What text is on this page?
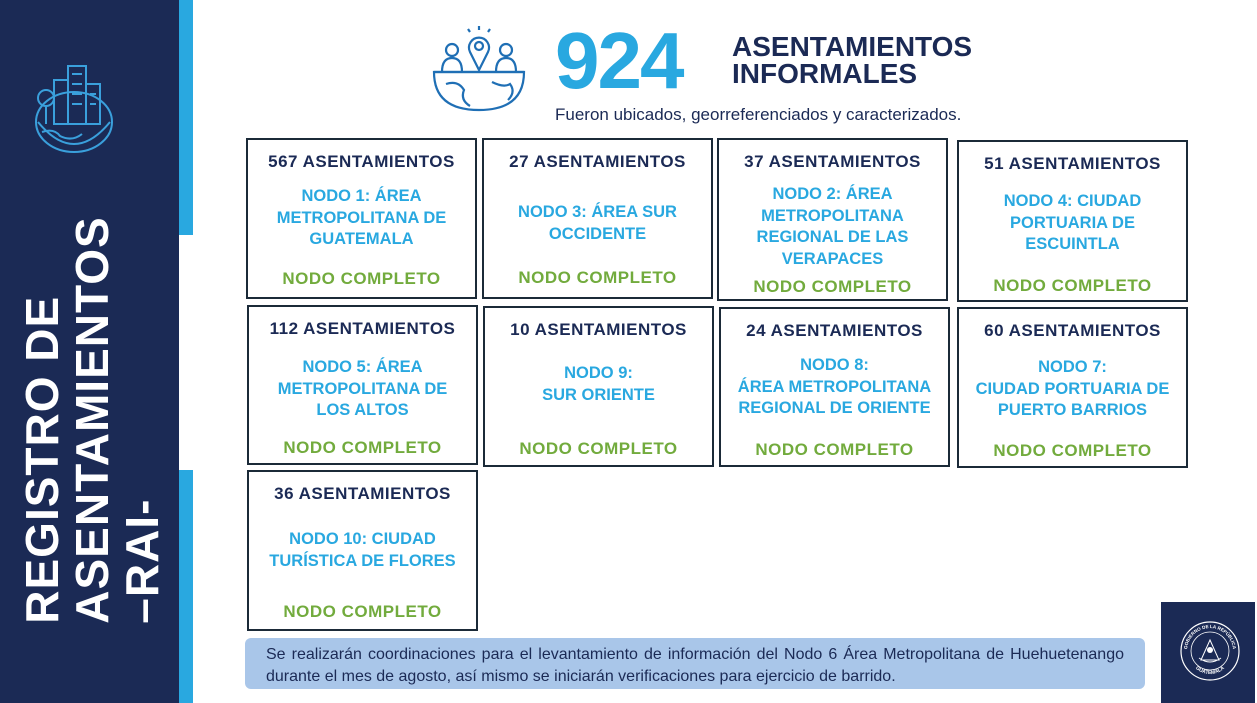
REGISTRO DE
ASENTAMIENTOS
–RAI-
924 ASENTAMIENTOS
INFORMALES
Fueron ubicados, georreferenciados y caracterizados.
567 ASENTAMIENTOS
NODO 1: ÁREA
METROPOLITANA DE
GUATEMALA
NODO COMPLETO
27 ASENTAMIENTOS
NODO 3: ÁREA SUR
OCCIDENTE
NODO COMPLETO
37 ASENTAMIENTOS
NODO 2: ÁREA
METROPOLITANA
REGIONAL DE LAS
VERAPACES
NODO COMPLETO
51 ASENTAMIENTOS
NODO 4: CIUDAD
PORTUARIA DE
ESCUINTLA
NODO COMPLETO
112 ASENTAMIENTOS
NODO 5: ÁREA
METROPOLITANA DE
LOS ALTOS
NODO COMPLETO
10 ASENTAMIENTOS
NODO 9:
SUR ORIENTE
NODO COMPLETO
24 ASENTAMIENTOS
NODO 8:
ÁREA METROPOLITANA
REGIONAL DE ORIENTE
NODO COMPLETO
60 ASENTAMIENTOS
NODO 7:
CIUDAD PORTUARIA DE
PUERTO BARRIOS
NODO COMPLETO
36 ASENTAMIENTOS
NODO 10: CIUDAD
TURÍSTICA DE FLORES
NODO COMPLETO
Se realizarán coordinaciones para el levantamiento de información del Nodo 6 Área Metropolitana de Huehuetenango durante el mes de agosto, así mismo se iniciarán verificaciones para ejercicio de barrido.
GOBIERNO DE LA REPÚBLICA
GUATEMALA
